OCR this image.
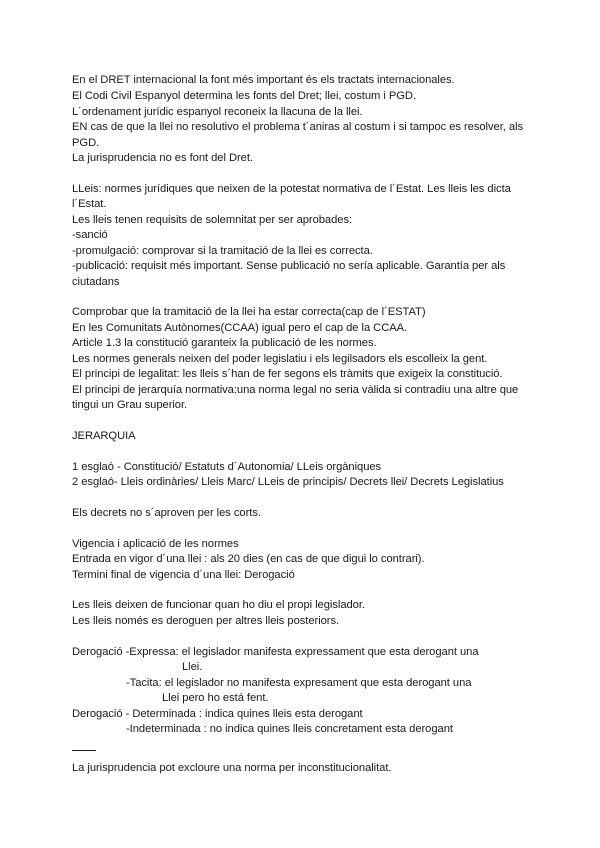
En el DRET internacional la font més important és els tractats internacionales.
El Codi Civil Espanyol determina les fonts del Dret; llei, costum i PGD.
L´ordenament jurídic espanyol reconeix la llacuna de la llei.
EN cas de que la llei no resolutivo el problema t´aniras al costum i si tampoc es resolver, als
PGD.
La jurisprudencia no es font del Dret.
LLeis: normes jurídiques que neixen de la potestat normativa de l´Estat. Les lleis les dicta
l´Estat.
Les lleis tenen requisits de solemnitat per ser aprobades:
-sanció
-promulgació: comprovar si la tramitació de la llei es correcta.
-publicació: requisit més important. Sense publicació no sería aplicable. Garantía per als
ciutadans
Comprobar que la tramitació de la llei ha estar correcta(cap de l´ESTAT)
En les Comunitats Autònomes(CCAA) igual pero el cap de la CCAA.
Article 1.3 la constitució garanteix la publicació de les normes.
Les normes generals neixen del poder legislatiu i els legilsadors els escolleix la gent.
El principi de legalitat: les lleis s´han de fer segons els tràmits que exigeix la constitució.
El principi de jerarquía normativa:una norma legal no seria vàlida si contradiu una altre que
tingui un Grau superior.
JERARQUIA
1 esglaó - Constitució/ Estatuts d´Autonomia/ LLeis orgàniques
2 esglaó- Lleis ordinàries/ Lleis Marc/ LLeis de principis/ Decrets llei/ Decrets Legislatius
Els decrets no s´aproven per les corts.
Vigencia i aplicació de les normes
Entrada en vigor d´una llei : als 20 dies (en cas de que digui lo contrari).
Termini final de vigencia d´una llei: Derogació
Les lleis deixen de funcionar quan ho diu el propi legislador.
Les lleis només es deroguen per altres lleis posteriors.
Derogació -Expressa: el legislador manifesta expressament que esta derogant una
Llei.
-Tacita: el legislador no manifesta expresament que esta derogant una
Llei pero ho está fent.
Derogació - Determinada : indica quines lleis esta derogant
-Indeterminada : no indica quines lleis concretament esta derogant
La jurisprudencia pot excloure una norma per inconstitucionalitat.
